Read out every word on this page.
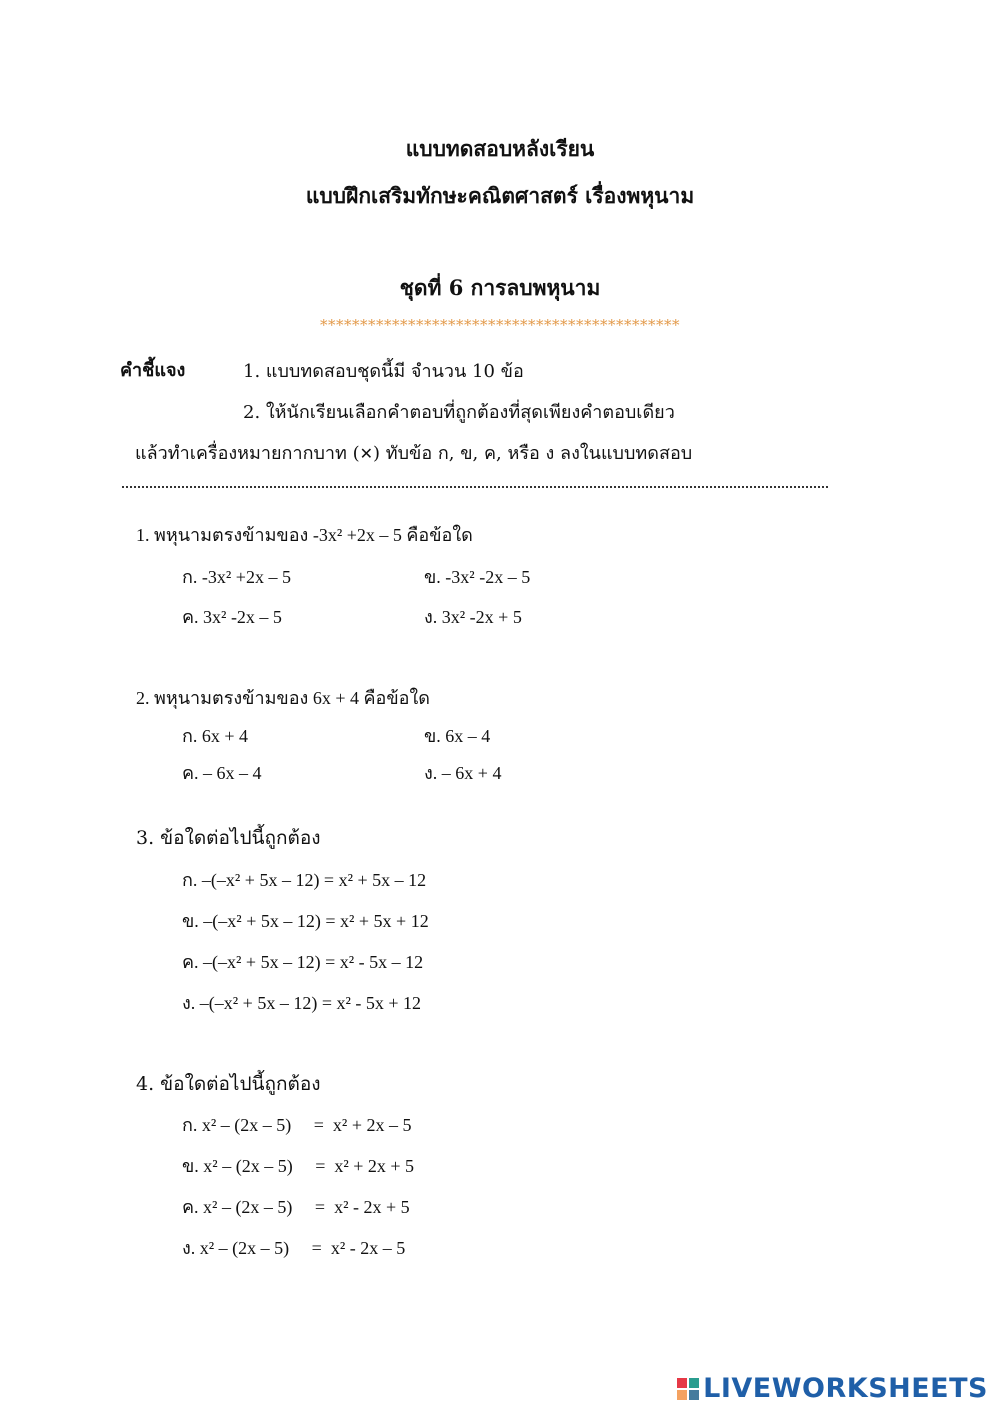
แบบทดสอบหลังเรียน
แบบฝึกเสริมทักษะคณิตศาสตร์ เรื่องพหุนาม
ชุดที่ 6 การลบพหุนาม
*********************************************
คำชี้แจง	1. แบบทดสอบชุดนี้มี จำนวน 10 ข้อ
2. ให้นักเรียนเลือกคำตอบที่ถูกต้องที่สุดเพียงคำตอบเดียว
แล้วทำเครื่องหมายกากบาท (✕) ทับข้อ ก, ข, ค, หรือ ง ลงในแบบทดสอบ
1. พหุนามตรงข้ามของ -3x² +2x – 5 คือข้อใด
ก. -3x² +2x – 5	ข. -3x² -2x – 5
ค. 3x² -2x – 5	ง. 3x² -2x + 5
2. พหุนามตรงข้ามของ 6x + 4 คือข้อใด
ก. 6x + 4	ข. 6x – 4
ค. – 6x – 4	ง. – 6x + 4
3. ข้อใดต่อไปนี้ถูกต้อง
ก. –(–x² + 5x – 12) = x² + 5x – 12
ข. –(–x² + 5x – 12) = x² + 5x + 12
ค. –(–x² + 5x – 12) = x² - 5x – 12
ง. –(–x² + 5x – 12) = x² - 5x + 12
4. ข้อใดต่อไปนี้ถูกต้อง
ก. x² – (2x – 5)     =  x² + 2x – 5
ข. x² – (2x – 5)     =  x² + 2x + 5
ค. x² – (2x – 5)     =  x² - 2x + 5
ง. x² – (2x – 5)     =  x² - 2x – 5
LIVEWORKSHEETS
